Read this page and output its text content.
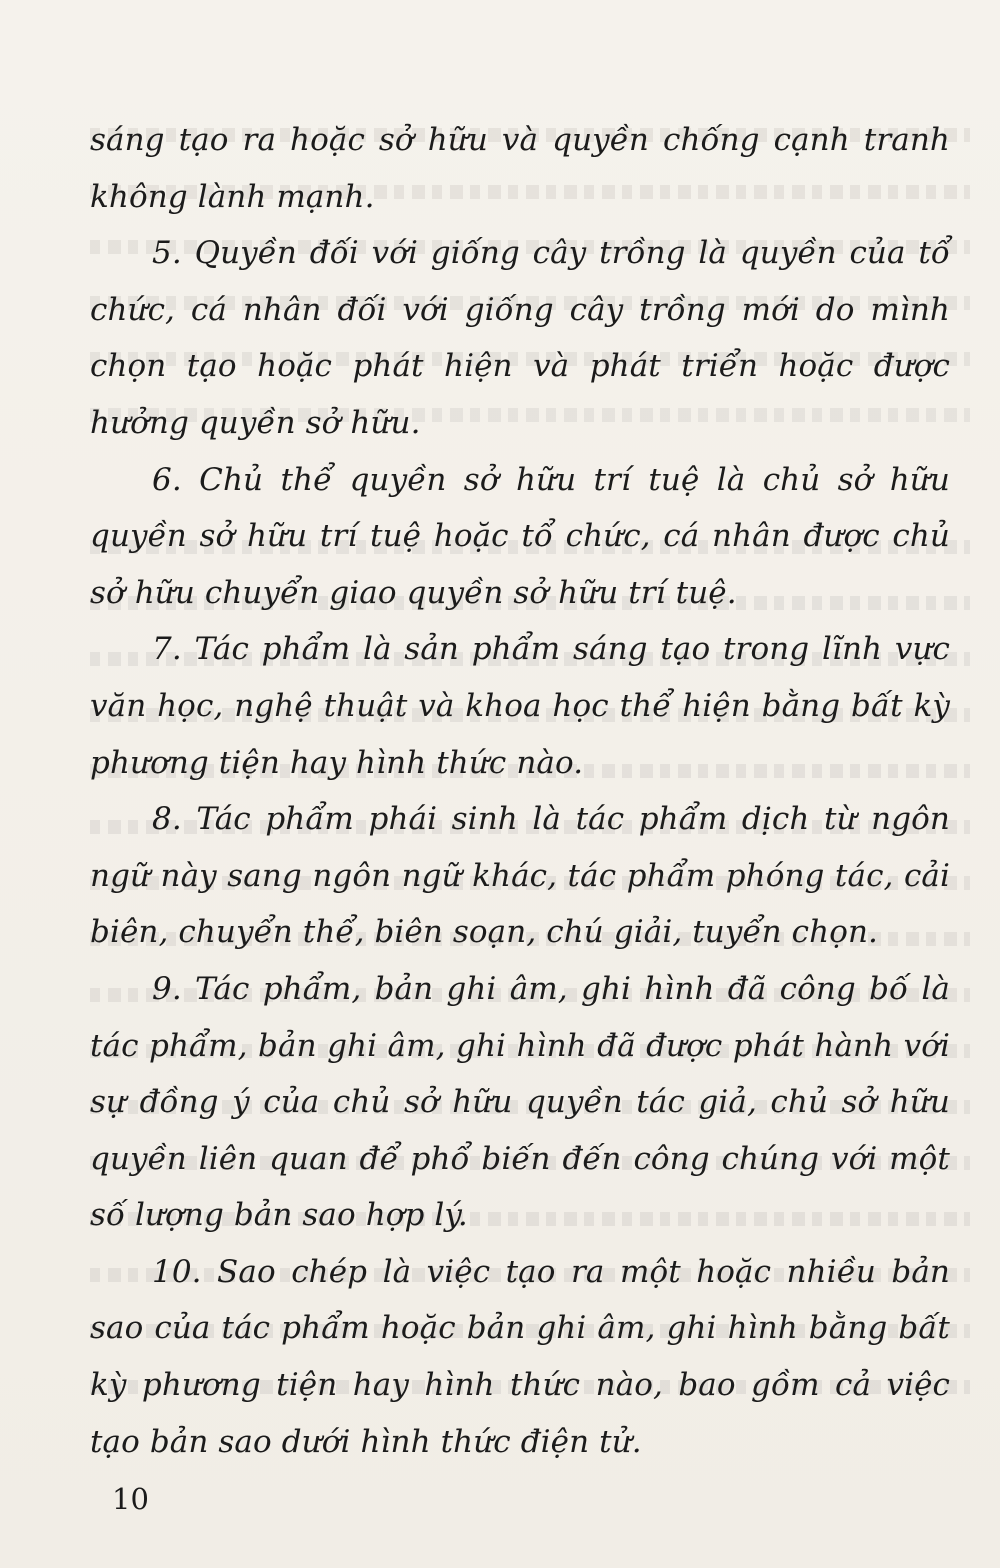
sáng tạo ra hoặc sở hữu và quyền chống cạnh tranh không lành mạnh.

5. Quyền đối với giống cây trồng là quyền của tổ chức, cá nhân đối với giống cây trồng mới do mình chọn tạo hoặc phát hiện và phát triển hoặc được hưởng quyền sở hữu.

6. Chủ thể quyền sở hữu trí tuệ là chủ sở hữu quyền sở hữu trí tuệ hoặc tổ chức, cá nhân được chủ sở hữu chuyển giao quyền sở hữu trí tuệ.

7. Tác phẩm là sản phẩm sáng tạo trong lĩnh vực văn học, nghệ thuật và khoa học thể hiện bằng bất kỳ phương tiện hay hình thức nào.

8. Tác phẩm phái sinh là tác phẩm dịch từ ngôn ngữ này sang ngôn ngữ khác, tác phẩm phóng tác, cải biên, chuyển thể, biên soạn, chú giải, tuyển chọn.

9. Tác phẩm, bản ghi âm, ghi hình đã công bố là tác phẩm, bản ghi âm, ghi hình đã được phát hành với sự đồng ý của chủ sở hữu quyền tác giả, chủ sở hữu quyền liên quan để phổ biến đến công chúng với một số lượng bản sao hợp lý.

10. Sao chép là việc tạo ra một hoặc nhiều bản sao của tác phẩm hoặc bản ghi âm, ghi hình bằng bất kỳ phương tiện hay hình thức nào, bao gồm cả việc tạo bản sao dưới hình thức điện tử.

10
